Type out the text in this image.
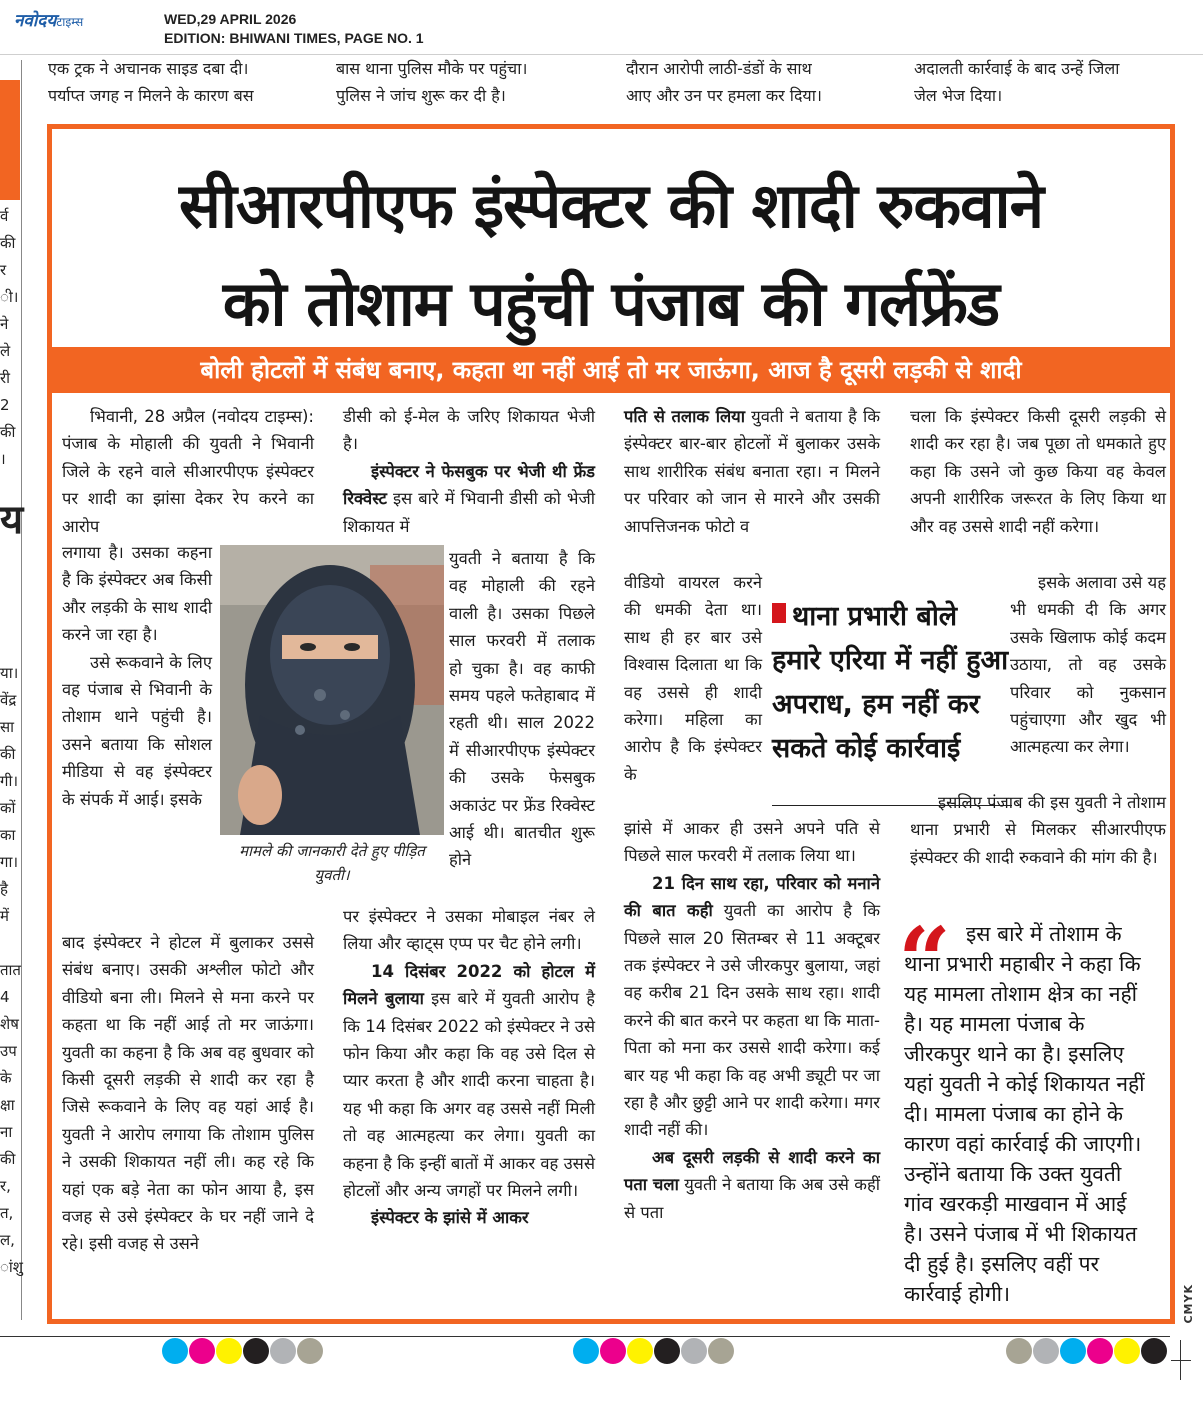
नवोदयटाइम्स	WED,29 APRIL 2026
EDITION: BHIWANI TIMES, PAGE NO. 1
एक ट्रक ने अचानक साइड दबा दी।
पर्याप्त जगह न मिलने के कारण बस
बास थाना पुलिस मौके पर पहुंचा।
पुलिस ने जांच शुरू कर दी है।
दौरान आरोपी लाठी-डंडों के साथ
आए और उन पर हमला कर दिया।
अदालती कार्रवाई के बाद उन्हें जिला
जेल भेज दिया।
र्व
की
र
ी।
ने
ले
री
2
की
।
य
या।
वेंद्र
सा
की
गी।
कों
का
गा।
है
में

तात
4
शेष
उप
के
क्षा
ना
की
र,
त,
ल,
ांशु
सीआरपीएफ इंस्पेक्टर की शादी रुकवाने
को तोशाम पहुंची पंजाब की गर्लफ्रेंड
बोली होटलों में संबंध बनाए, कहता था नहीं आई तो मर जाऊंगा, आज है दूसरी लड़की से शादी

भिवानी, 28 अप्रैल (नवोदय टाइम्स): पंजाब के मोहाली की युवती ने भिवानी जिले के रहने वाले सीआरपीएफ इंस्पेक्टर पर शादी का झांसा देकर रेप करने का आरोप

लगाया है। उसका कहना है कि इंस्पेक्टर अब किसी और लड़की के साथ शादी करने जा रहा है।

उसे रूकवाने के लिए वह पंजाब से भिवानी के तोशाम थाने पहुंची है। उसने बताया कि सोशल मीडिया से वह इंस्पेक्टर के संपर्क में आई। इसके

बाद इंस्पेक्टर ने होटल में बुलाकर उससे संबंध बनाए। उसकी अश्लील फोटो और वीडियो बना ली। मिलने से मना करने पर कहता था कि नहीं आई तो मर जाऊंगा। युवती का कहना है कि अब वह बुधवार को किसी दूसरी लड़की से शादी कर रहा है जिसे रूकवाने के लिए वह यहां आई है। युवती ने आरोप लगाया कि तोशाम पुलिस ने उसकी शिकायत नहीं ली। कह रहे कि यहां एक बड़े नेता का फोन आया है, इस वजह से उसे इंस्पेक्टर के घर नहीं जाने दे रहे। इसी वजह से उसने

मामले की जानकारी देते हुए पीड़ित युवती।

डीसी को ई-मेल के जरिए शिकायत भेजी है।

इंस्पेक्टर ने फेसबुक पर भेजी थी फ्रेंड रिक्वेस्ट इस बारे में भिवानी डीसी को भेजी शिकायत में

युवती ने बताया है कि वह मोहाली की रहने वाली है। उसका पिछले साल फरवरी में तलाक हो चुका है। वह काफी समय पहले फतेहाबाद में रहती थी। साल 2022 में सीआरपीएफ इंस्पेक्टर की उसके फेसबुक अकाउंट पर फ्रेंड रिक्वेस्ट आई थी। बातचीत शुरू होने

पर इंस्पेक्टर ने उसका मोबाइल नंबर ले लिया और व्हाट्स एप्प पर चैट होने लगी।

14 दिसंबर 2022 को होटल में मिलने बुलाया इस बारे में युवती आरोप है कि 14 दिसंबर 2022 को इंस्पेक्टर ने उसे फोन किया और कहा कि वह उसे दिल से प्यार करता है और शादी करना चाहता है। यह भी कहा कि अगर वह उससे नहीं मिली तो वह आत्महत्या कर लेगा। युवती का कहना है कि इन्हीं बातों में आकर वह उससे होटलों और अन्य जगहों पर मिलने लगी।

इंस्पेक्टर के झांसे में आकर

पति से तलाक लिया युवती ने बताया है कि इंस्पेक्टर बार-बार होटलों में बुलाकर उसके साथ शारीरिक संबंध बनाता रहा। न मिलने पर परिवार को जान से मारने और उसकी आपत्तिजनक फोटो व

वीडियो वायरल करने की धमकी देता था। साथ ही हर बार उसे विश्वास दिलाता था कि वह उससे ही शादी करेगा। महिला का आरोप है कि इंस्पेक्टर के

झांसे में आकर ही उसने अपने पति से पिछले साल फरवरी में तलाक लिया था।

21 दिन साथ रहा, परिवार को मनाने की बात कही युवती का आरोप है कि पिछले साल 20 सितम्बर से 11 अक्टूबर तक इंस्पेक्टर ने उसे जीरकपुर बुलाया, जहां वह करीब 21 दिन उसके साथ रहा। शादी करने की बात करने पर कहता था कि माता-पिता को मना कर उससे शादी करेगा। कई बार यह भी कहा कि वह अभी ड्यूटी पर जा रहा है और छुट्टी आने पर शादी करेगा। मगर शादी नहीं की।

अब दूसरी लड़की से शादी करने का पता चला युवती ने बताया कि अब उसे कहीं से पता

थाना प्रभारी बोले हमारे एरिया में नहीं हुआ अपराध, हम नहीं कर सकते कोई कार्रवाई

चला कि इंस्पेक्टर किसी दूसरी लड़की से शादी कर रहा है। जब पूछा तो धमकाते हुए कहा कि उसने जो कुछ किया वह केवल अपनी शारीरिक जरूरत के लिए किया था और वह उससे शादी नहीं करेगा।

इसके अलावा उसे यह भी धमकी दी कि अगर उसके खिलाफ कोई कदम उठाया, तो वह उसके परिवार को नुकसान पहुंचाएगा और खुद भी आत्महत्या कर लेगा।

इसलिए पंजाब की इस युवती ने तोशाम थाना प्रभारी से मिलकर सीआरपीएफ इंस्पेक्टर की शादी रुकवाने की मांग की है।

“ इस बारे में तोशाम के थाना प्रभारी महाबीर ने कहा कि यह मामला तोशाम क्षेत्र का नहीं है। यह मामला पंजाब के जीरकपुर थाने का है। इसलिए यहां युवती ने कोई शिकायत नहीं दी। मामला पंजाब का होने के कारण वहां कार्रवाई की जाएगी। उन्होंने बताया कि उक्त युवती गांव खरकड़ी माखवान में आई है। उसने पंजाब में भी शिकायत दी हुई है। इसलिए वहीं पर कार्रवाई होगी।	CMYK
